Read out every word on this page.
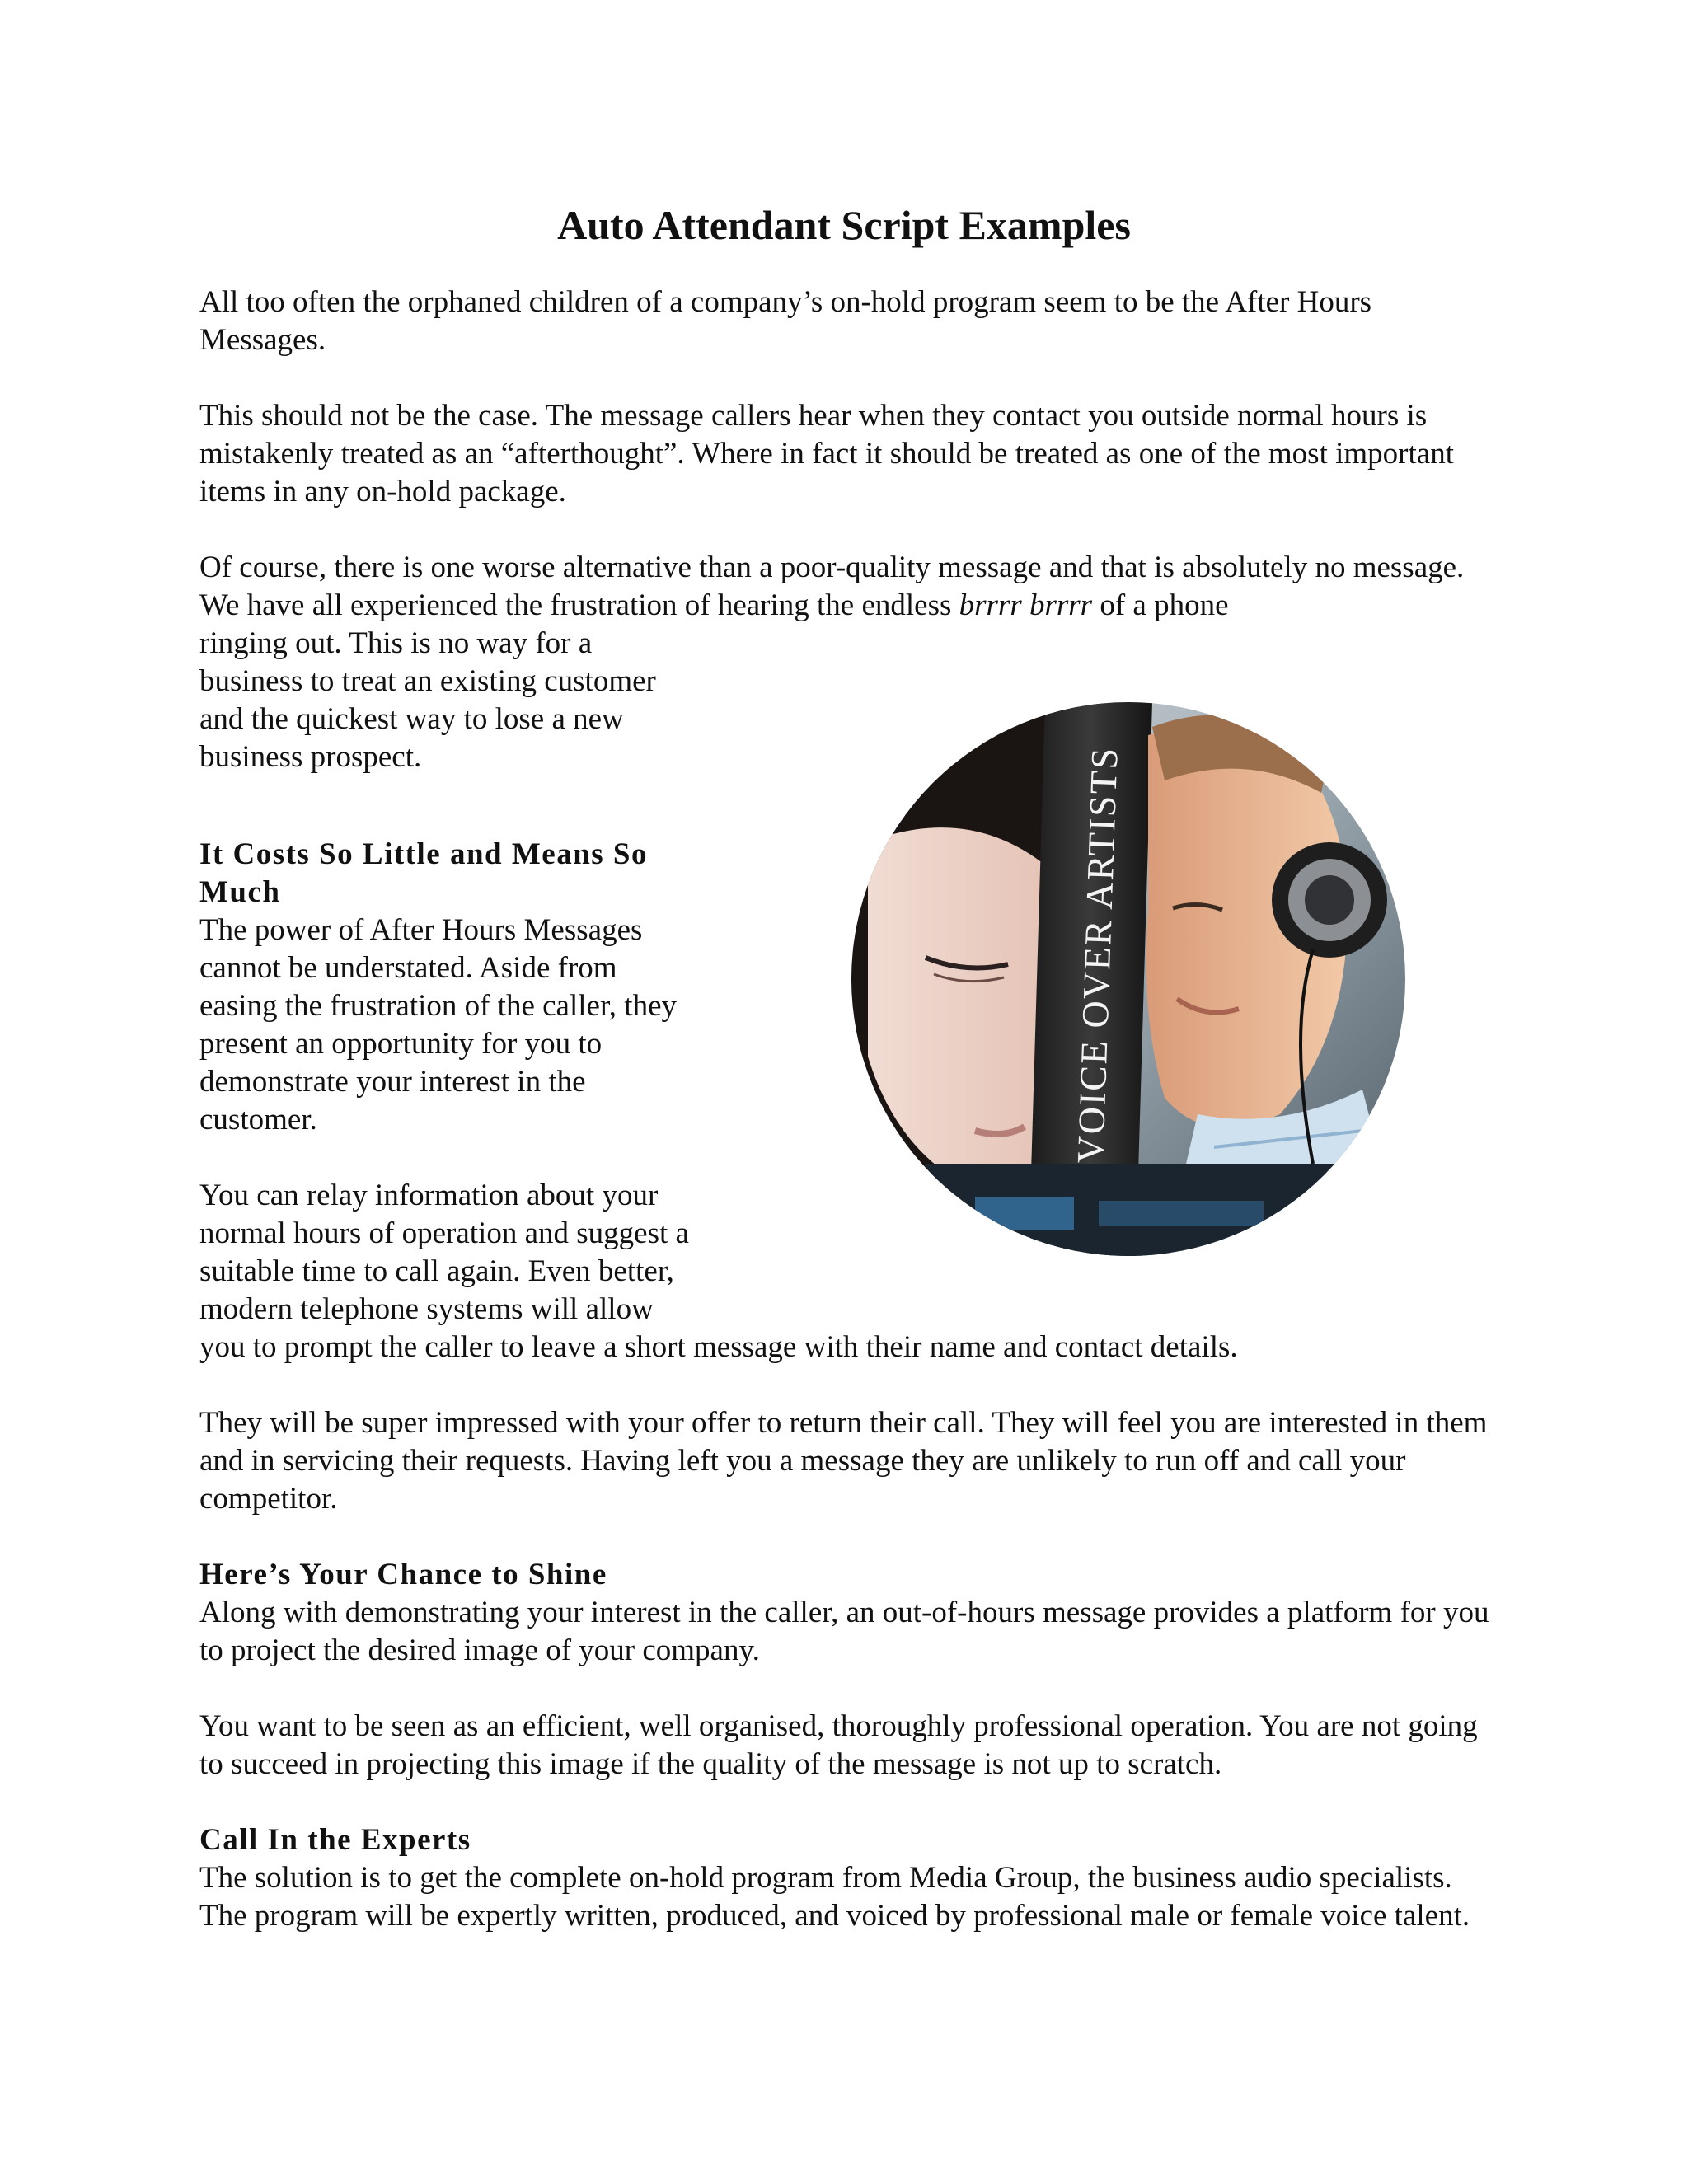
Auto Attendant Script Examples

All too often the orphaned children of a company’s on-hold program seem to be the After Hours Messages.

This should not be the case. The message callers hear when they contact you outside normal hours is mistakenly treated as an “afterthought”. Where in fact it should be treated as one of the most important items in any on-hold package.

Of course, there is one worse alternative than a poor-quality message and that is absolutely no message. We have all experienced the frustration of hearing the endless brrrr brrrr of a phone

ringing out. This is no way for a
business to treat an existing customer
and the quickest way to lose a new
business prospect.

It Costs So Little and Means So
Much

The power of After Hours Messages
cannot be understated. Aside from
easing the frustration of the caller, they
present an opportunity for you to
demonstrate your interest in the
customer.

You can relay information about your
normal hours of operation and suggest a
suitable time to call again. Even better,
modern telephone systems will allow
you to prompt the caller to leave a short message with their name and contact details.

They will be super impressed with your offer to return their call. They will feel you are interested in them and in servicing their requests. Having left you a message they are unlikely to run off and call your competitor.

Here’s Your Chance to Shine

Along with demonstrating your interest in the caller, an out-of-hours message provides a platform for you to project the desired image of your company.

You want to be seen as an efficient, well organised, thoroughly professional operation. You are not going to succeed in projecting this image if the quality of the message is not up to scratch.

Call In the Experts

The solution is to get the complete on-hold program from Media Group, the business audio specialists. The program will be expertly written, produced, and voiced by professional male or female voice talent.

VOICE OVER ARTISTS
